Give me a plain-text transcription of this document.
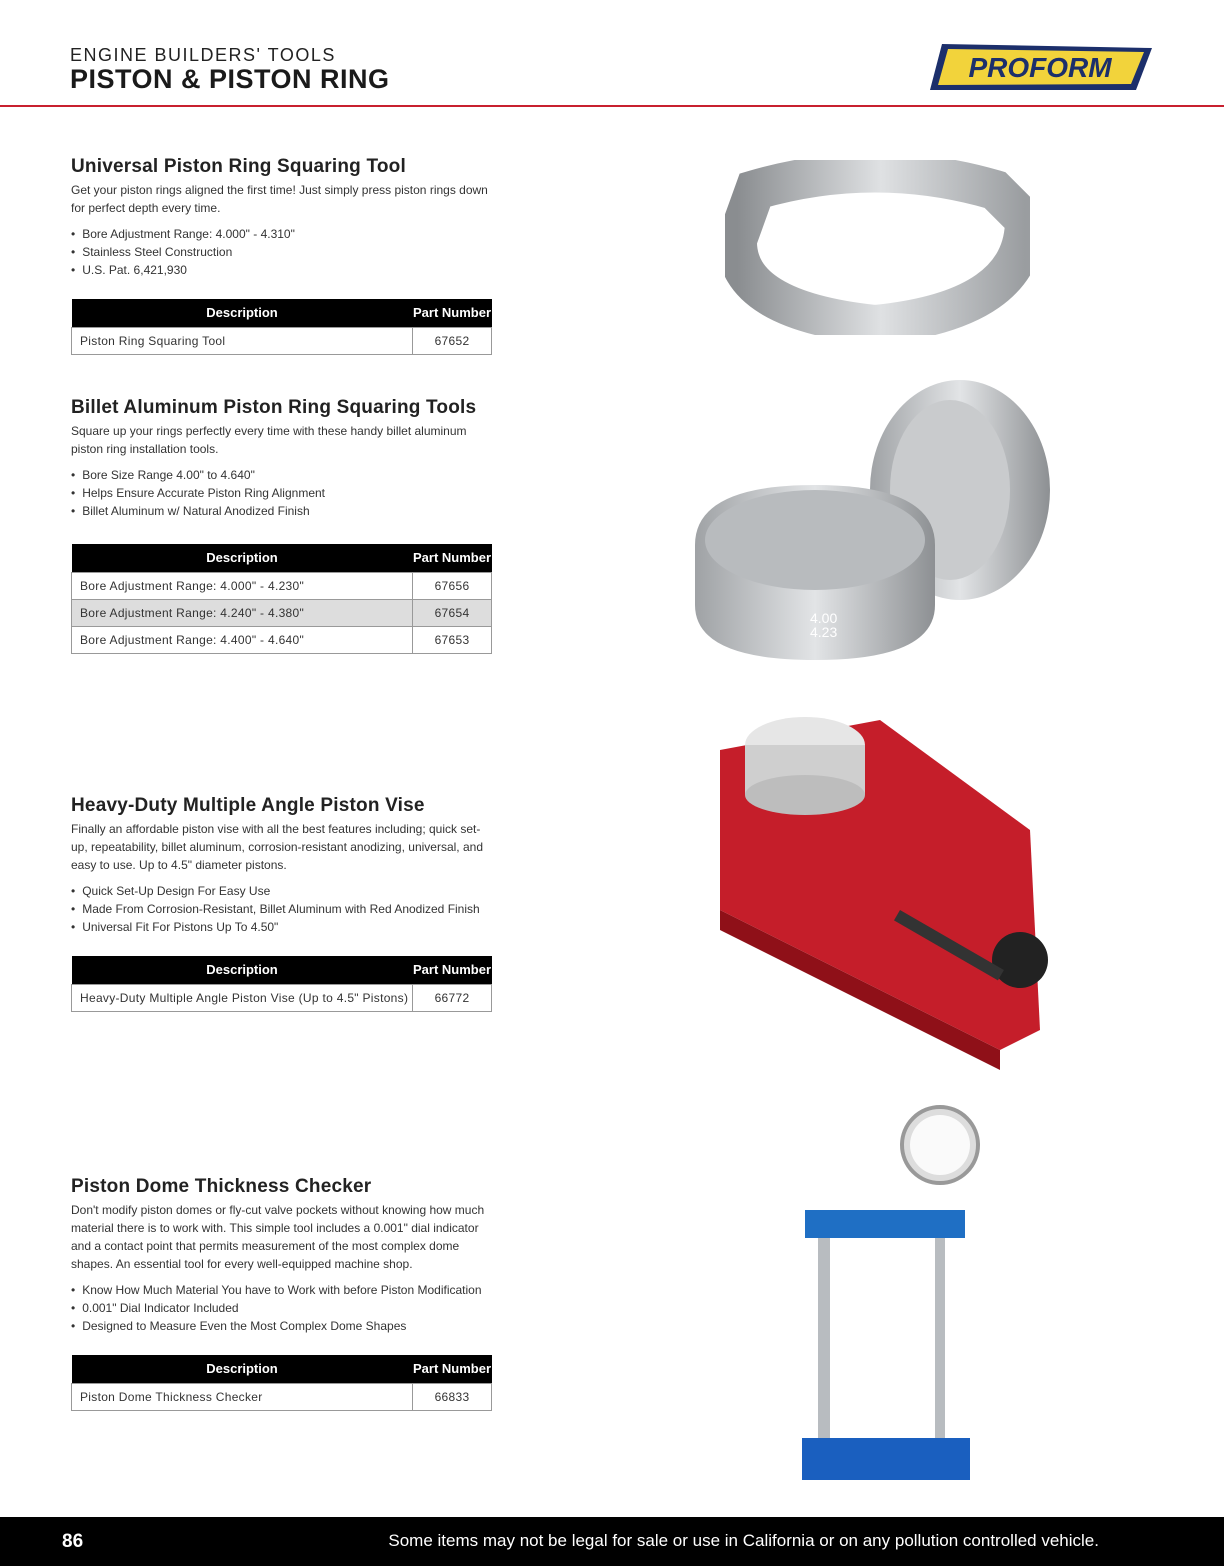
ENGINE BUILDERS' TOOLS
PISTON & PISTON RING	PROFORM
Universal Piston Ring Squaring Tool

Get your piston rings aligned the first time! Just simply press piston rings down for perfect depth every time.

• Bore Adjustment Range: 4.000" - 4.310"
• Stainless Steel Construction
• U.S. Pat. 6,421,930
Description	Part Number
Piston Ring Squaring Tool	67652
Billet Aluminum Piston Ring Squaring Tools

Square up your rings perfectly every time with these handy billet aluminum piston ring installation tools.

• Bore Size Range 4.00" to 4.640"
• Helps Ensure Accurate Piston Ring Alignment
• Billet Aluminum w/ Natural Anodized Finish
Description	Part Number
Bore Adjustment Range: 4.000" - 4.230"	67656
Bore Adjustment Range: 4.240" - 4.380"	67654
Bore Adjustment Range: 4.400" - 4.640"	67653
Heavy-Duty Multiple Angle Piston Vise

Finally an affordable piston vise with all the best features including; quick set-up, repeatability, billet aluminum, corrosion-resistant anodizing, universal, and easy to use. Up to 4.5" diameter pistons.

• Quick Set-Up Design For Easy Use
• Made From Corrosion-Resistant, Billet Aluminum with Red Anodized Finish
• Universal Fit For Pistons Up To 4.50"
Description	Part Number
Heavy-Duty Multiple Angle Piston Vise (Up to 4.5" Pistons)	66772
Piston Dome Thickness Checker

Don't modify piston domes or fly-cut valve pockets without knowing how much material there is to work with. This simple tool includes a 0.001" dial indicator and a contact point that permits measurement of the most complex dome shapes. An essential tool for every well-equipped machine shop.

• Know How Much Material You have to Work with before Piston Modification
• 0.001" Dial Indicator Included
• Designed to Measure Even the Most Complex Dome Shapes
Description	Part Number
Piston Dome Thickness Checker	66833
4.00
4.23
86	Some items may not be legal for sale or use in California or on any pollution controlled vehicle.
